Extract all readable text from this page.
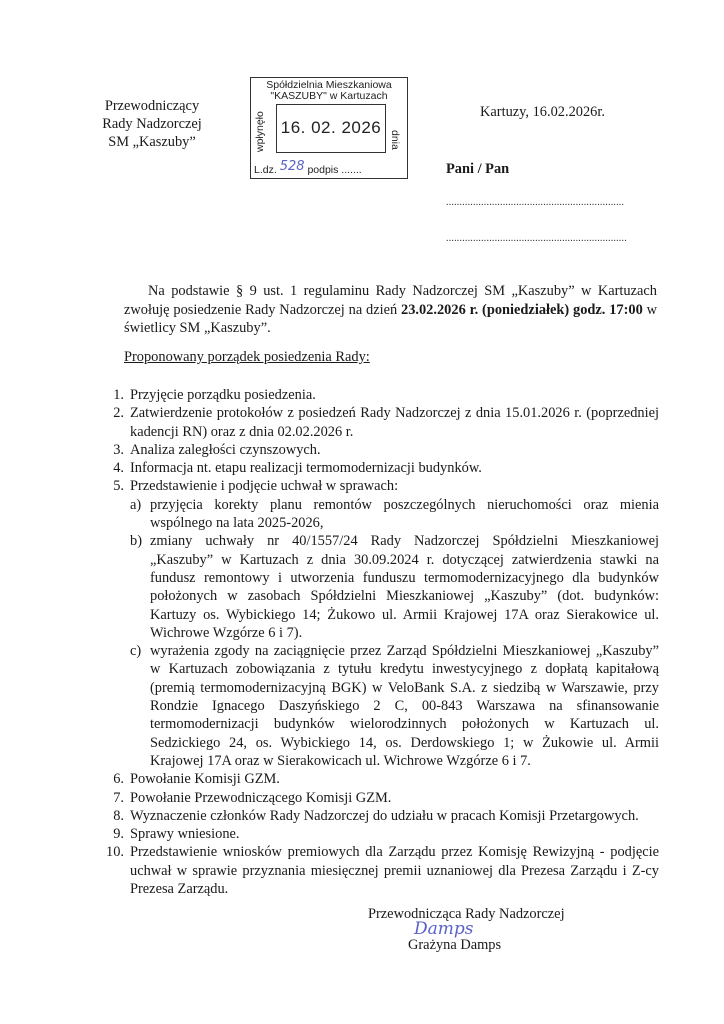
Przewodniczący
Rady Nadzorczej
SM „Kaszuby”
Spółdzielnia Mieszkaniowa
"KASZUBY" w Kartuzach
wpłynęło 16. 02. 2026
dnia
L.dz. 528 podpis .......
Kartuzy, 16.02.2026r.
Pani / Pan
..................................................................
...................................................................
Na podstawie § 9 ust. 1 regulaminu Rady Nadzorczej SM „Kaszuby” w Kartuzach zwołuję posiedzenie Rady Nadzorczej na dzień 23.02.2026 r. (poniedziałek) godz. 17:00 w świetlicy SM „Kaszuby”.
Proponowany porządek posiedzenia Rady:
1. Przyjęcie porządku posiedzenia.
2. Zatwierdzenie protokołów z posiedzeń Rady Nadzorczej z dnia 15.01.2026 r. (poprzedniej kadencji RN) oraz z dnia 02.02.2026 r.
3. Analiza zaległości czynszowych.
4. Informacja nt. etapu realizacji termomodernizacji budynków.
5. Przedstawienie i podjęcie uchwał w sprawach:
a) przyjęcia korekty planu remontów poszczególnych nieruchomości oraz mienia wspólnego na lata 2025-2026,
b) zmiany uchwały nr 40/1557/24 Rady Nadzorczej Spółdzielni Mieszkaniowej „Kaszuby” w Kartuzach z dnia 30.09.2024 r. dotyczącej zatwierdzenia stawki na fundusz remontowy i utworzenia funduszu termomodernizacyjnego dla budynków położonych w zasobach Spółdzielni Mieszkaniowej „Kaszuby” (dot. budynków: Kartuzy os. Wybickiego 14; Żukowo ul. Armii Krajowej 17A oraz Sierakowice ul. Wichrowe Wzgórze 6 i 7).
c) wyrażenia zgody na zaciągnięcie przez Zarząd Spółdzielni Mieszkaniowej „Kaszuby” w Kartuzach zobowiązania z tytułu kredytu inwestycyjnego z dopłatą kapitałową (premią termomodernizacyjną BGK) w VeloBank S.A. z siedzibą w Warszawie, przy Rondzie Ignacego Daszyńskiego 2 C, 00-843 Warszawa na sfinansowanie termomodernizacji budynków wielorodzinnych położonych w Kartuzach ul. Sedzickiego 24, os. Wybickiego 14, os. Derdowskiego 1; w Żukowie ul. Armii Krajowej 17A oraz w Sierakowicach ul. Wichrowe Wzgórze 6 i 7.
6. Powołanie Komisji GZM.
7. Powołanie Przewodniczącego Komisji GZM.
8. Wyznaczenie członków Rady Nadzorczej do udziału w pracach Komisji Przetargowych.
9. Sprawy wniesione.
10. Przedstawienie wniosków premiowych dla Zarządu przez Komisję Rewizyjną - podjęcie uchwał w sprawie przyznania miesięcznej premii uznaniowej dla Prezesa Zarządu i Z-cy Prezesa Zarządu.
Przewodnicząca Rady Nadzorczej
Damps
Grażyna Damps
